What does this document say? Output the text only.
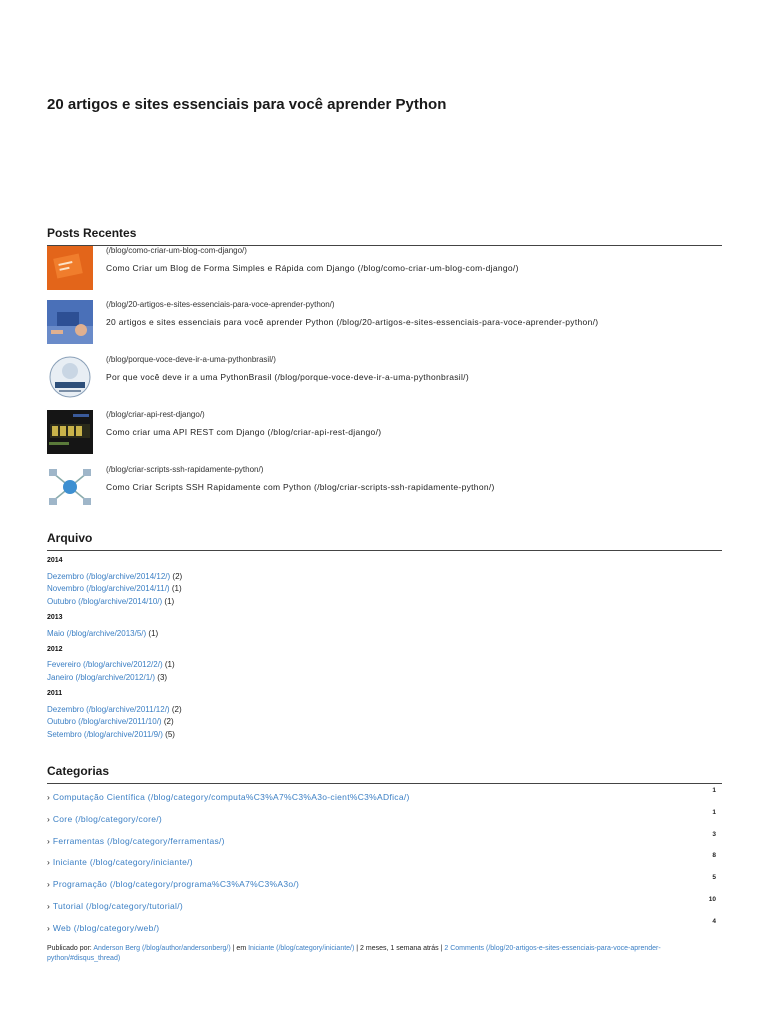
20 artigos e sites essenciais para você aprender Python
Posts Recentes
(/blog/como-criar-um-blog-com-django/)
Como Criar um Blog de Forma Simples e Rápida com Django (/blog/como-criar-um-blog-com-django/)
(/blog/20-artigos-e-sites-essenciais-para-voce-aprender-python/)
20 artigos e sites essenciais para você aprender Python (/blog/20-artigos-e-sites-essenciais-para-voce-aprender-python/)
(/blog/porque-voce-deve-ir-a-uma-pythonbrasil/)
Por que você deve ir a uma PythonBrasil (/blog/porque-voce-deve-ir-a-uma-pythonbrasil/)
(/blog/criar-api-rest-django/)
Como criar uma API REST com Django (/blog/criar-api-rest-django/)
(/blog/criar-scripts-ssh-rapidamente-python/)
Como Criar Scripts SSH Rapidamente com Python (/blog/criar-scripts-ssh-rapidamente-python/)
Arquivo
2014
Dezembro (/blog/archive/2014/12/) (2)
Novembro (/blog/archive/2014/11/) (1)
Outubro (/blog/archive/2014/10/) (1)
2013
Maio (/blog/archive/2013/5/) (1)
2012
Fevereiro (/blog/archive/2012/2/) (1)
Janeiro (/blog/archive/2012/1/) (3)
2011
Dezembro (/blog/archive/2011/12/) (2)
Outubro (/blog/archive/2011/10/) (2)
Setembro (/blog/archive/2011/9/) (5)
Categorias
› Computação Científica (/blog/category/computa%C3%A7%C3%A3o-cient%C3%ADfica/)
1
› Core (/blog/category/core/)
1
› Ferramentas (/blog/category/ferramentas/)
3
› Iniciante (/blog/category/iniciante/)
8
› Programação (/blog/category/programa%C3%A7%C3%A3o/)
5
› Tutorial (/blog/category/tutorial/)
10
› Web (/blog/category/web/)
4
Publicado por: Anderson Berg (/blog/author/andersonberg/) | em Iniciante (/blog/category/iniciante/) | 2 meses, 1 semana atrás | 2 Comments (/blog/20-artigos-e-sites-essenciais-para-voce-aprender-python/#disqus_thread)
